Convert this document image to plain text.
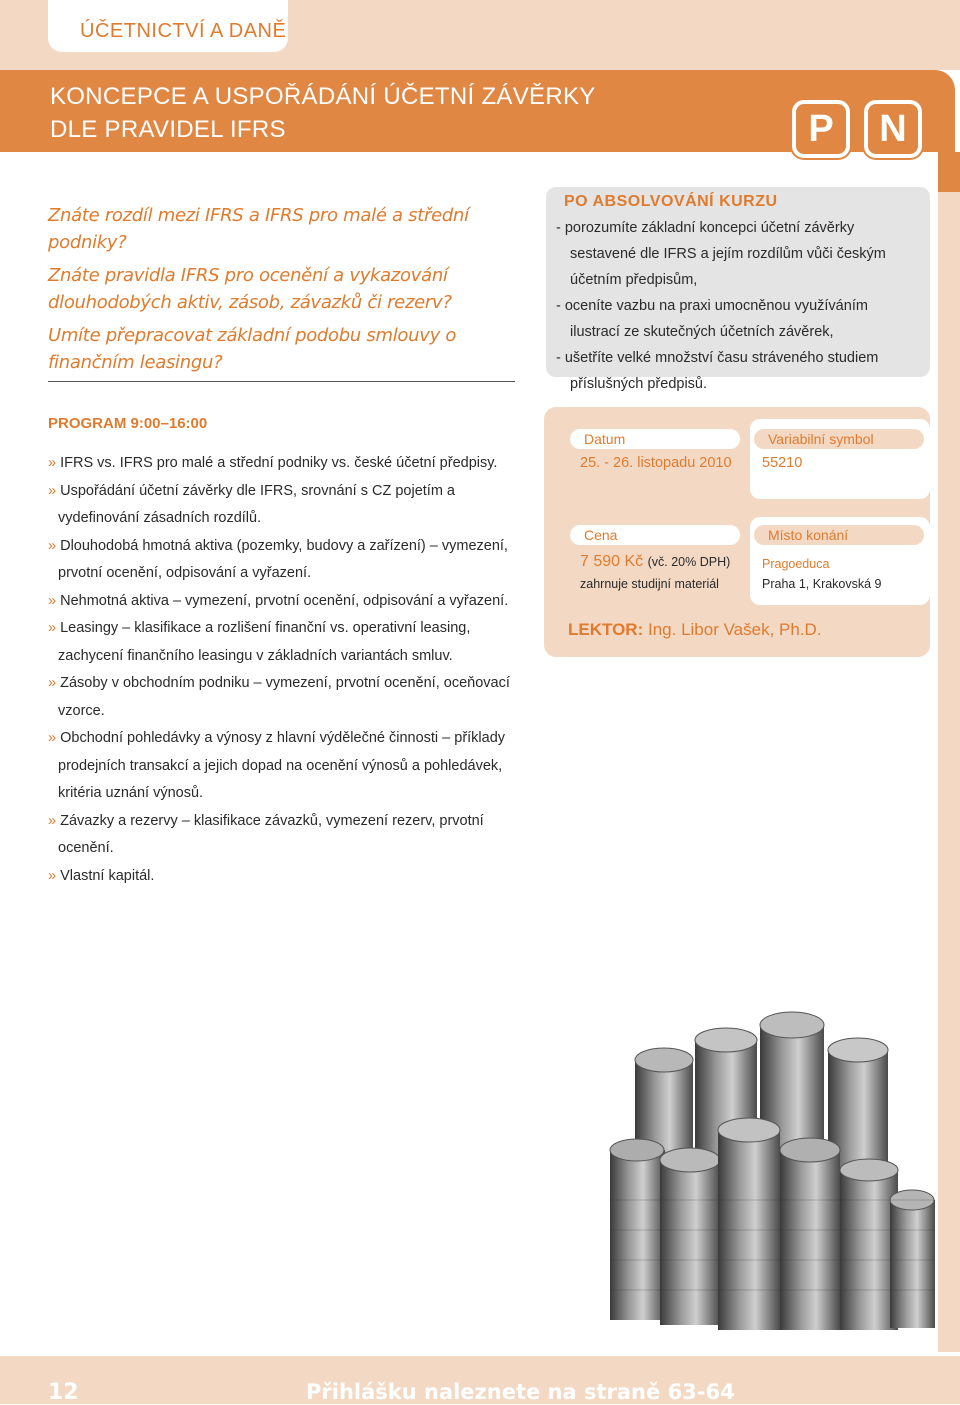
ÚČETNICTVÍ A DANĚ
KONCEPCE A USPOŘÁDÁNÍ ÚČETNÍ ZÁVĚRKY
DLE PRAVIDEL IFRS	P	N

Znáte rozdíl mezi IFRS a IFRS pro malé a střední podniky?

Znáte pravidla IFRS pro ocenění a vykazování dlouhodobých aktiv, zásob, závazků či rezerv?

Umíte přepracovat základní podobu smlouvy o finančním leasingu?

PO ABSOLVOVÁNÍ KURZU
- porozumíte základní koncepci účetní závěrky sestavené dle IFRS a jejím rozdílům vůči českým účetním předpisům,
- oceníte vazbu na praxi umocněnou využíváním ilustrací ze skutečných účetních závěrek,
- ušetříte velké množství času stráveného studiem příslušných předpisů.
PROGRAM 9:00–16:00
» IFRS vs. IFRS pro malé a střední podniky vs. české účetní předpisy.
» Uspořádání účetní závěrky dle IFRS, srovnání s CZ pojetím a vydefinování zásadních rozdílů.
» Dlouhodobá hmotná aktiva (pozemky, budovy a zařízení) – vymezení, prvotní ocenění, odpisování a vyřazení.
» Nehmotná aktiva – vymezení, prvotní ocenění, odpisování a vyřazení.
» Leasingy – klasifikace a rozlišení finanční vs. operativní leasing, zachycení finančního leasingu v základních variantách smluv.
» Zásoby v obchodním podniku – vymezení, prvotní ocenění, oceňovací vzorce.
» Obchodní pohledávky a výnosy z hlavní výdělečné činnosti – příklady prodejních transakcí a jejich dopad na ocenění výnosů a pohledávek, kritéria uznání výnosů.
» Závazky a rezervy – klasifikace závazků, vymezení rezerv, prvotní ocenění.
» Vlastní kapitál.
Datum
25. - 26. listopadu 2010
Variabilní symbol
55210
Cena
7 590 Kč (vč. 20% DPH)
zahrnuje studijní materiál
Místo konání
Pragoeduca
Praha 1, Krakovská 9
LEKTOR: Ing. Libor Vašek, Ph.D.
12	Přihlášku naleznete na straně 63-64
